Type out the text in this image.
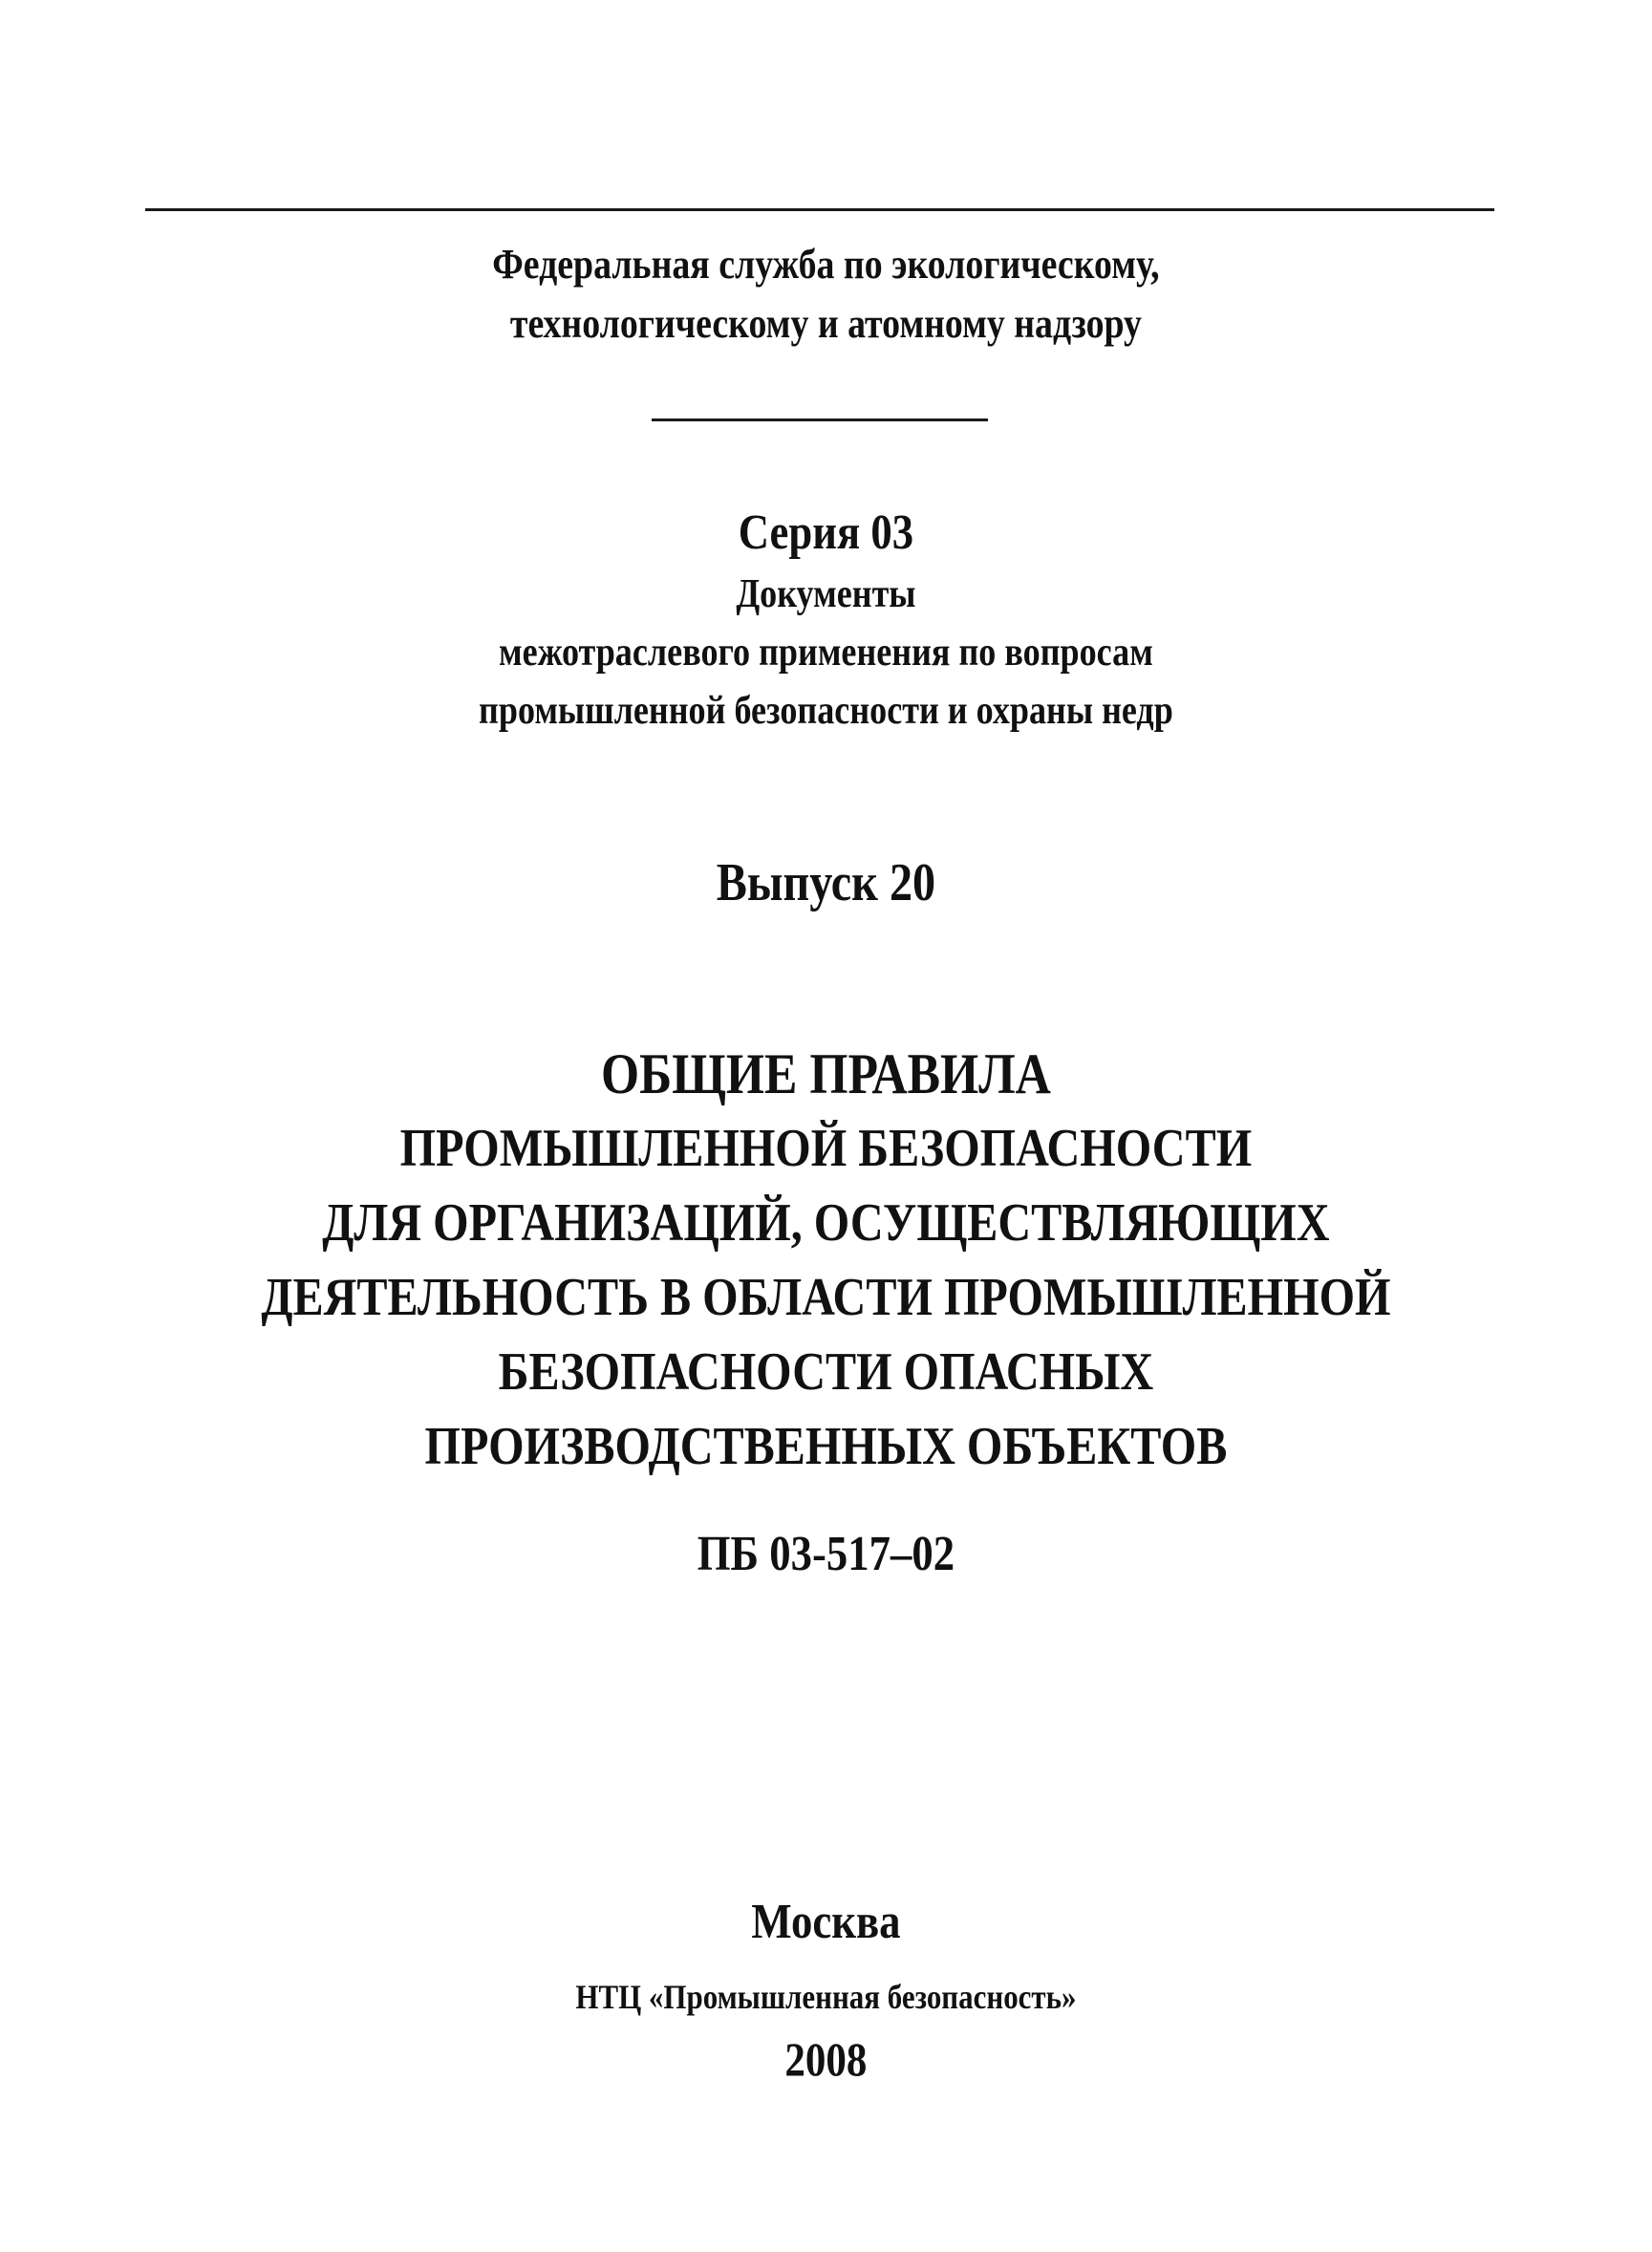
Федеральная служба по экологическому,
технологическому и атомному надзору
Серия 03
Документы
межотраслевого применения по вопросам
промышленной безопасности и охраны недр
Выпуск 20
ОБЩИЕ ПРАВИЛА
ПРОМЫШЛЕННОЙ БЕЗОПАСНОСТИ
ДЛЯ ОРГАНИЗАЦИЙ, ОСУЩЕСТВЛЯЮЩИХ
ДЕЯТЕЛЬНОСТЬ В ОБЛАСТИ ПРОМЫШЛЕННОЙ
БЕЗОПАСНОСТИ ОПАСНЫХ
ПРОИЗВОДСТВЕННЫХ ОБЪЕКТОВ
ПБ 03-517–02
Москва
НТЦ «Промышленная безопасность»
2008
